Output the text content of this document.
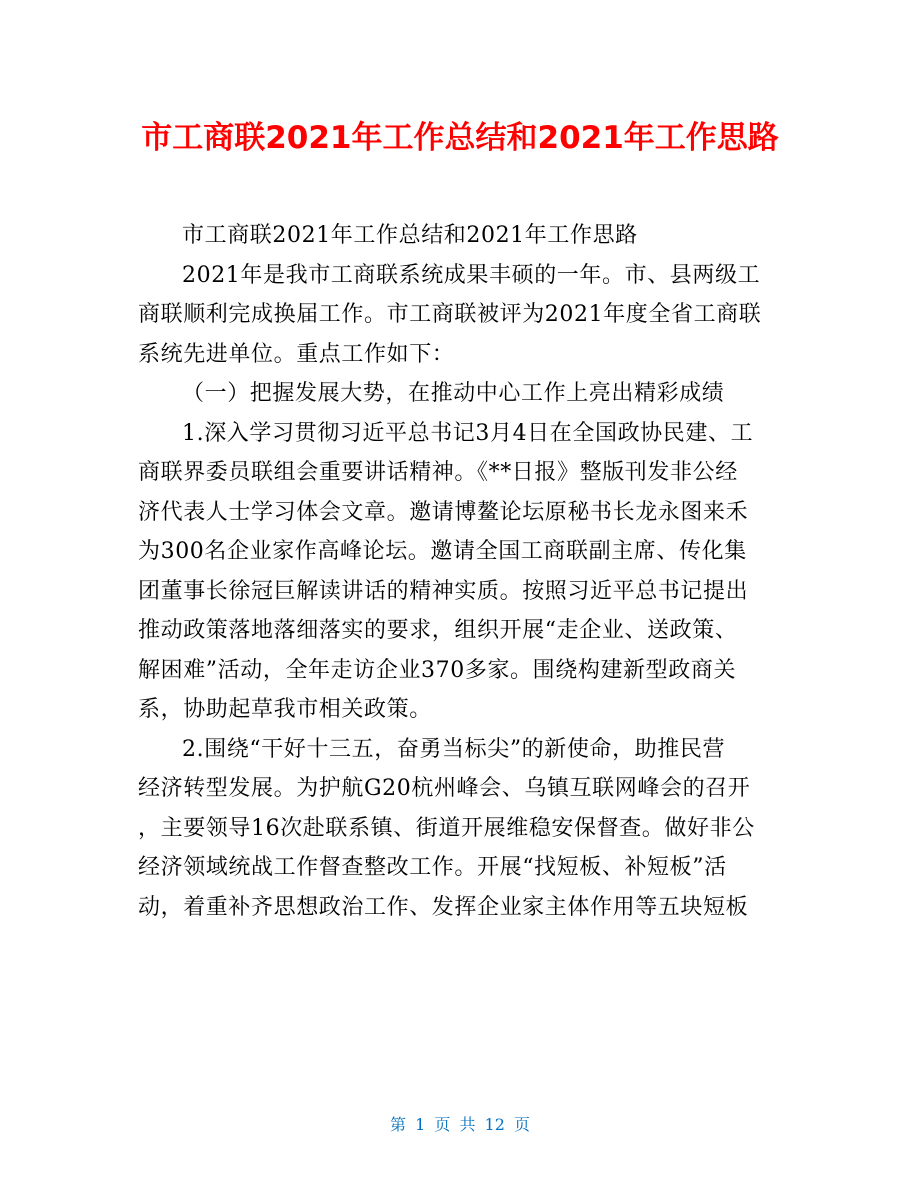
市工商联2021年工作总结和2021年工作思路
市工商联2021年工作总结和2021年工作思路
2021年是我市工商联系统成果丰硕的一年。市、县两级工
商联顺利完成换届工作。市工商联被评为2021年度全省工商联
系统先进单位。重点工作如下：
（一）把握发展大势，在推动中心工作上亮出精彩成绩
1.深入学习贯彻习近平总书记3月4日在全国政协民建、工
商联界委员联组会重要讲话精神。《**日报》整版刊发非公经
济代表人士学习体会文章。邀请博鳌论坛原秘书长龙永图来禾
为300名企业家作高峰论坛。邀请全国工商联副主席、传化集
团董事长徐冠巨解读讲话的精神实质。按照习近平总书记提出
推动政策落地落细落实的要求，组织开展“走企业、送政策、
解困难”活动，全年走访企业370多家。围绕构建新型政商关
系，协助起草我市相关政策。
2.围绕“干好十三五，奋勇当标尖”的新使命，助推民营
经济转型发展。为护航G20杭州峰会、乌镇互联网峰会的召开
，主要领导16次赴联系镇、街道开展维稳安保督查。做好非公
经济领域统战工作督查整改工作。开展“找短板、补短板”活
动，着重补齐思想政治工作、发挥企业家主体作用等五块短板
第 1 页 共 12 页
